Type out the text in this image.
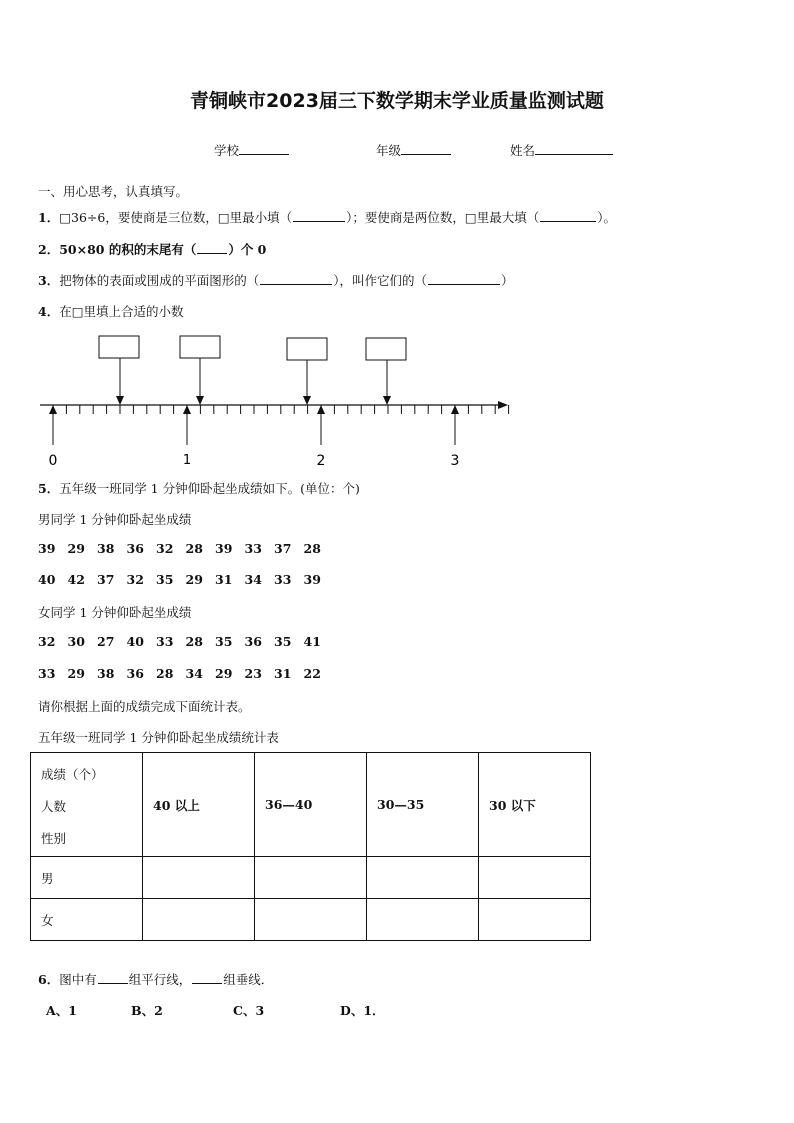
青铜峡市2023届三下数学期末学业质量监测试题
学校	年级	姓名
一、用心思考，认真填写。
1．□36÷6，要使商是三位数，□里最小填（	）；要使商是两位数，□里最大填（	）。
2．50×80 的积的末尾有（	）个 0
3．把物体的表面或围成的平面图形的（	），叫作它们的（	）
4．在□里填上合适的小数
0	1	2	3
5．五年级一班同学 1 分钟仰卧起坐成绩如下。(单位：个)
男同学 1 分钟仰卧起坐成绩
39 29 38 36 32 28 39 33 37 28
40 42 37 32 35 29 31 34 33 39
女同学 1 分钟仰卧起坐成绩
32 30 27 40 33 28 35 36 35 41
33 29 38 36 28 34 29 23 31 22
请你根据上面的成绩完成下面统计表。
五年级一班同学 1 分钟仰卧起坐成绩统计表
成绩（个）
人数
性别	40 以上	36—40	30—35	30 以下
男				
女				
6．图中有	组平行线，	组垂线．
A、1	B、2	C、3	D、1．
